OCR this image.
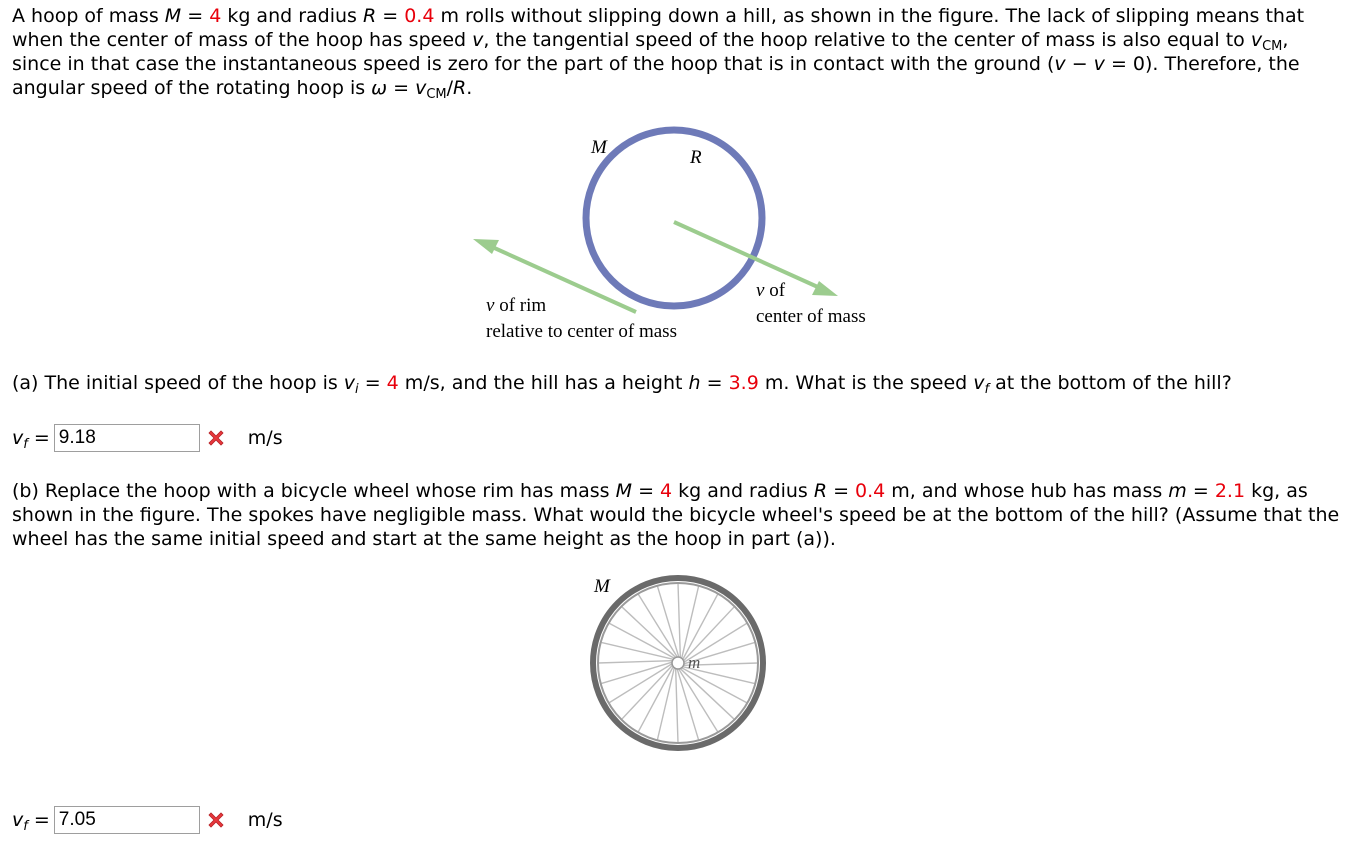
A hoop of mass M = 4 kg and radius R = 0.4 m rolls without slipping down a hill, as shown in the figure. The lack of slipping means that when the center of mass of the hoop has speed v, the tangential speed of the hoop relative to the center of mass is also equal to $v_{CM}$, since in that case the instantaneous speed is zero for the part of the hoop that is in contact with the ground (v − v = 0). Therefore, the angular speed of the rotating hoop is $\omega = v_{CM}/R$.
M	R
v of rim
relative to center of mass
v of
center of mass
(a) The initial speed of the hoop is $v_i = 4$ m/s, and the hill has a height h = 3.9 m. What is the speed $v_f$ at the bottom of the hill?
$v_f = 9.18$	m/s
(b) Replace the hoop with a bicycle wheel whose rim has mass M = 4 kg and radius R = 0.4 m, and whose hub has mass m = 2.1 kg, as shown in the figure. The spokes have negligible mass. What would the bicycle wheel's speed be at the bottom of the hill? (Assume that the wheel has the same initial speed and start at the same height as the hoop in part (a)).
M
m
$v_f = 7.05$	m/s
